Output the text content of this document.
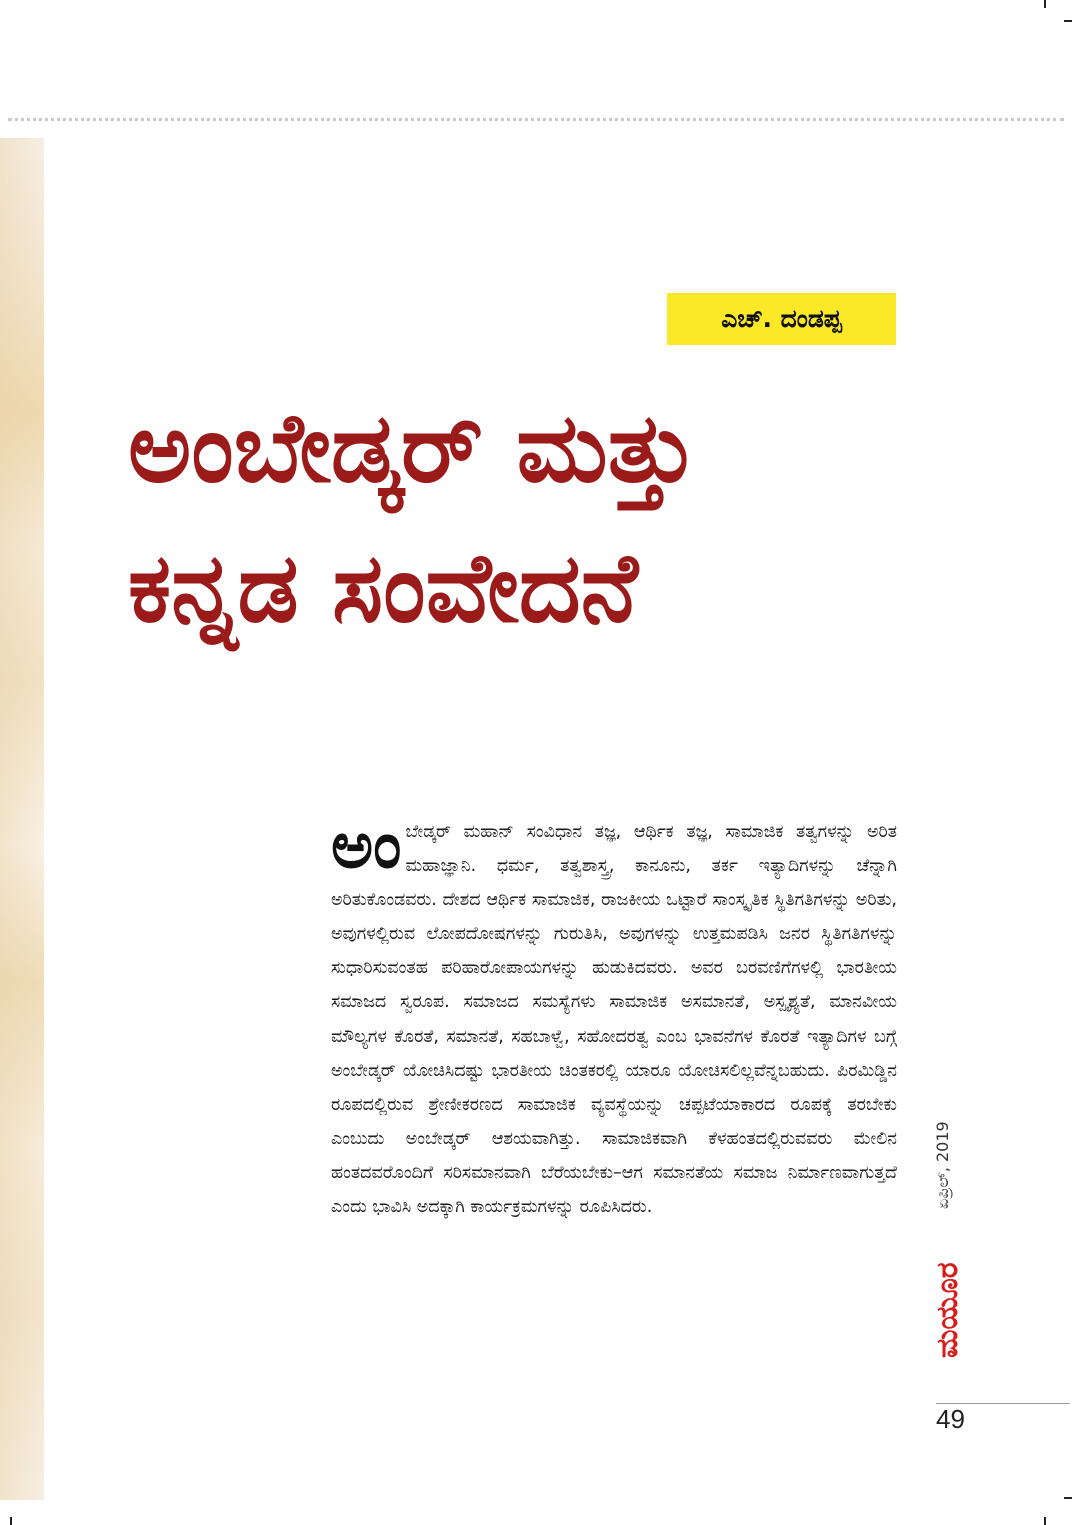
ಎಚ್. ದಂಡಪ್ಪ
ಅಂಬೇಡ್ಕರ್ ಮತ್ತು
ಕನ್ನಡ ಸಂವೇದನೆ

ಅಂಬೇಡ್ಕರ್ ಮಹಾನ್ ಸಂವಿಧಾನ ತಜ್ಞ, ಆರ್ಥಿಕ ತಜ್ಞ, ಸಾಮಾಜಿಕ ತತ್ವಗಳನ್ನು ಅರಿತ ಮಹಾಜ್ಞಾನಿ. ಧರ್ಮ, ತತ್ವಶಾಸ್ತ್ರ, ಕಾನೂನು, ತರ್ಕ ಇತ್ಯಾದಿಗಳನ್ನು ಚೆನ್ನಾಗಿ ಅರಿತುಕೊಂಡವರು. ದೇಶದ ಆರ್ಥಿಕ ಸಾಮಾಜಿಕ, ರಾಜಕೀಯ ಒಟ್ಟಾರೆ ಸಾಂಸ್ಕೃತಿಕ ಸ್ಥಿತಿಗತಿಗಳನ್ನು ಅರಿತು, ಅವುಗಳಲ್ಲಿರುವ ಲೋಪದೋಷಗಳನ್ನು ಗುರುತಿಸಿ, ಅವುಗಳನ್ನು ಉತ್ತಮಪಡಿಸಿ ಜನರ ಸ್ಥಿತಿಗತಿಗಳನ್ನು ಸುಧಾರಿಸುವಂತಹ ಪರಿಹಾರೋಪಾಯಗಳನ್ನು ಹುಡುಕಿದವರು. ಅವರ ಬರವಣಿಗೆಗಳಲ್ಲಿ ಭಾರತೀಯ ಸಮಾಜದ ಸ್ವರೂಪ. ಸಮಾಜದ ಸಮಸ್ಯೆಗಳು ಸಾಮಾಜಿಕ ಅಸಮಾನತೆ, ಅಸ್ಪೃಶ್ಯತೆ, ಮಾನವೀಯ ಮೌಲ್ಯಗಳ ಕೊರತೆ, ಸಮಾನತೆ, ಸಹಬಾಳ್ವೆ, ಸಹೋದರತ್ವ ಎಂಬ ಭಾವನೆಗಳ ಕೊರತೆ ಇತ್ಯಾದಿಗಳ ಬಗ್ಗೆ ಅಂಬೇಡ್ಕರ್ ಯೋಚಿಸಿದಷ್ಟು ಭಾರತೀಯ ಚಿಂತಕರಲ್ಲಿ ಯಾರೂ ಯೋಚಿಸಲಿಲ್ಲವೆನ್ನಬಹುದು. ಪಿರಮಿಡ್ಡಿನ ರೂಪದಲ್ಲಿರುವ ಶ್ರೇಣೀಕರಣದ ಸಾಮಾಜಿಕ ವ್ಯವಸ್ಥೆಯನ್ನು ಚಪ್ಪಟೆಯಾಕಾರದ ರೂಪಕ್ಕೆ ತರಬೇಕು ಎಂಬುದು ಅಂಬೇಡ್ಕರ್ ಆಶಯವಾಗಿತ್ತು. ಸಾಮಾಜಿಕವಾಗಿ ಕೆಳಹಂತದಲ್ಲಿರುವವರು ಮೇಲಿನ ಹಂತದವರೊಂದಿಗೆ ಸರಿಸಮಾನವಾಗಿ ಬೆರೆಯಬೇಕು–ಆಗ ಸಮಾನತೆಯ ಸಮಾಜ ನಿರ್ಮಾಣವಾಗುತ್ತದೆ ಎಂದು ಭಾವಿಸಿ ಅದಕ್ಕಾಗಿ ಕಾರ್ಯಕ್ರಮಗಳನ್ನು ರೂಪಿಸಿದರು.	ಏಪ್ರಿಲ್, 2019
ಮಯೂರ
49
